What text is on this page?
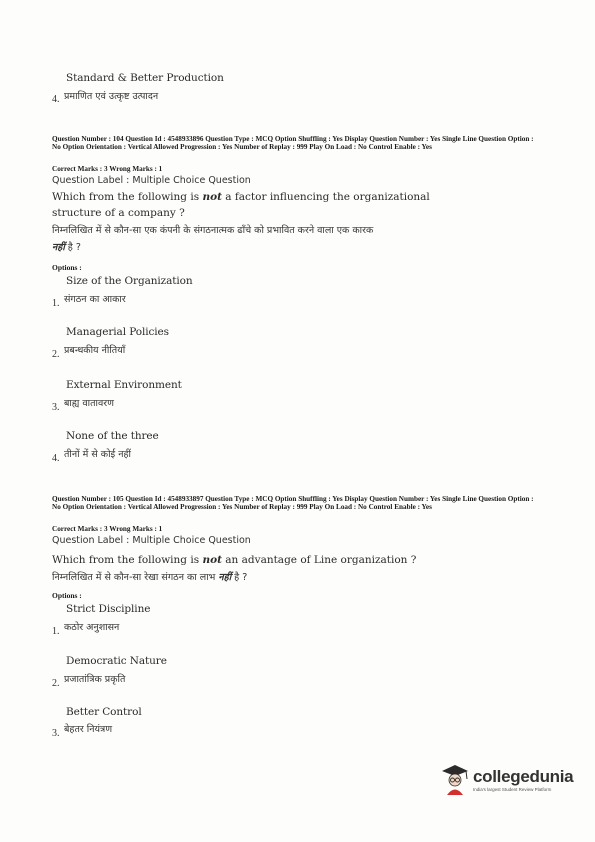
Standard & Better Production
4. प्रमाणित एवं उत्कृष्ट उत्पादन
Question Number : 104 Question Id : 4548933896 Question Type : MCQ Option Shuffling : Yes Display Question Number : Yes Single Line Question Option : No Option Orientation : Vertical Allowed Progression : Yes Number of Replay : 999 Play On Load : No Control Enable : Yes
Correct Marks : 3 Wrong Marks : 1
Question Label : Multiple Choice Question
Which from the following is not a factor influencing the organizational
structure of a company ?
निम्नलिखित में से कौन-सा एक कंपनी के संगठनात्मक ढाँचे को प्रभावित करने वाला एक कारक
नहीं है ?
Options :
Size of the Organization
1. संगठन का आकार
Managerial Policies
2. प्रबन्धकीय नीतियाँ
External Environment
3. बाह्य वातावरण
None of the three
4. तीनों में से कोई नहीं
Question Number : 105 Question Id : 4548933897 Question Type : MCQ Option Shuffling : Yes Display Question Number : Yes Single Line Question Option : No Option Orientation : Vertical Allowed Progression : Yes Number of Replay : 999 Play On Load : No Control Enable : Yes
Correct Marks : 3 Wrong Marks : 1
Question Label : Multiple Choice Question
Which from the following is not an advantage of Line organization ?
निम्नलिखित में से कौन-सा रेखा संगठन का लाभ नहीं है ?
Options :
Strict Discipline
1. कठोर अनुशासन
Democratic Nature
2. प्रजातांत्रिक प्रकृति
Better Control
3. बेहतर नियंत्रण
collegedunia
India's largest Student Review Platform
